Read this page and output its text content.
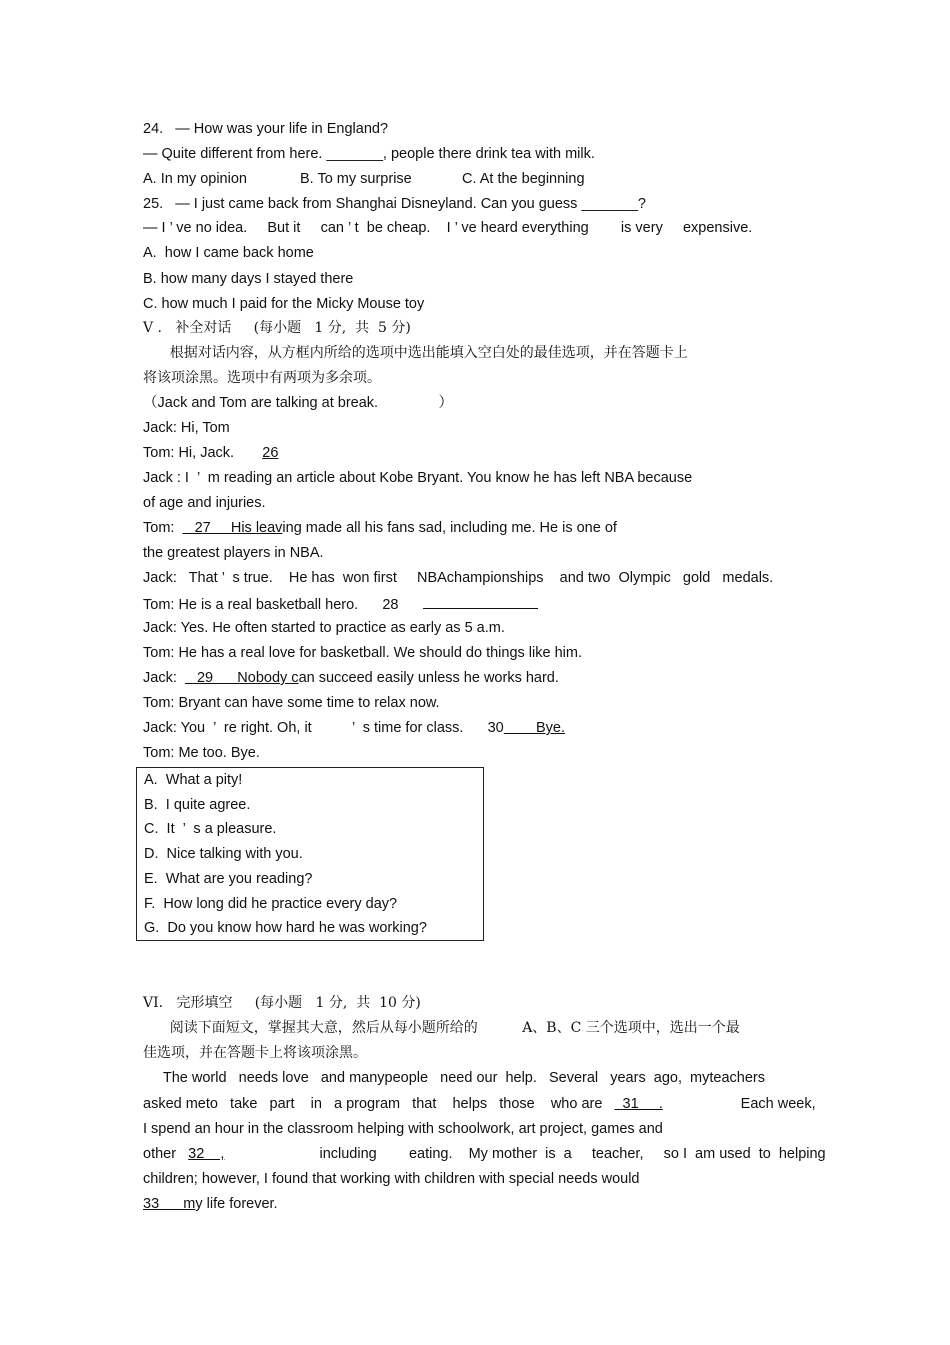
24.   — How was your life in England?
— Quite different from here. _______, people there drink tea with milk.
A. In my opinion	B. To my surprise	C. At the beginning
25.   — I just came back from Shanghai Disneyland. Can you guess _______?
— I ’ ve no idea.     But it     can ’ t  be cheap.    I ’ ve heard everything        is very     expensive.
A.  how I came back home
B. how many days I stayed there
C. how much I paid for the Micky Mouse toy
V .   补全对话     (每小题   1 分,  共  5 分)
根据对话内容，从方框内所给的选项中选出能填入空白处的最佳选项，并在答题卡上
将该项涂黑。选项中有两项为多余项。
（Jack and Tom are talking at break.               ）
Jack: Hi, Tom
Tom: Hi, Jack.       26
Jack : I  ’  m reading an article about Kobe Bryant. You know he has left NBA because
of age and injuries.
Tom:     27     His leaving made all his fans sad, including me. He is one of
the greatest players in NBA.
Jack:   That ’  s true.    He has  won first     NBAchampionships    and two  Olympic   gold   medals.
Tom: He is a real basketball hero.      28
Jack: Yes. He often started to practice as early as 5 a.m.
Tom: He has a real love for basketball. We should do things like him.
Jack:     29      Nobody can succeed easily unless he works hard.
Tom: Bryant can have some time to relax now.
Jack: You  ’  re right. Oh, it          ’  s time for class.      30        Bye.
Tom: Me too. Bye.
A.  What a pity!
B.  I quite agree.
C.  It  ’  s a pleasure.
D.  Nice talking with you.
E.  What are you reading?
F.  How long did he practice every day?
G.  Do you know how hard he was working?
VI.   完形填空     (每小题   1 分,  共  10 分)
阅读下面短文，掌握其大意，然后从每小题所给的          A、B、C 三个选项中，选出一个最
佳选项，并在答题卡上将该项涂黑。
The world   needs love   and manypeople   need our  help.   Several   years  ago,  myteachers
asked meto   take   part    in   a program   that    helps   those    who are     31     .	Each week,
I spend an hour in the classroom helping with schoolwork, art project, games and
other   32    ,	including        eating.    My mother  is  a     teacher,     so I  am used  to  helping
children; however, I found that working with children with special needs would
33      my life forever.
